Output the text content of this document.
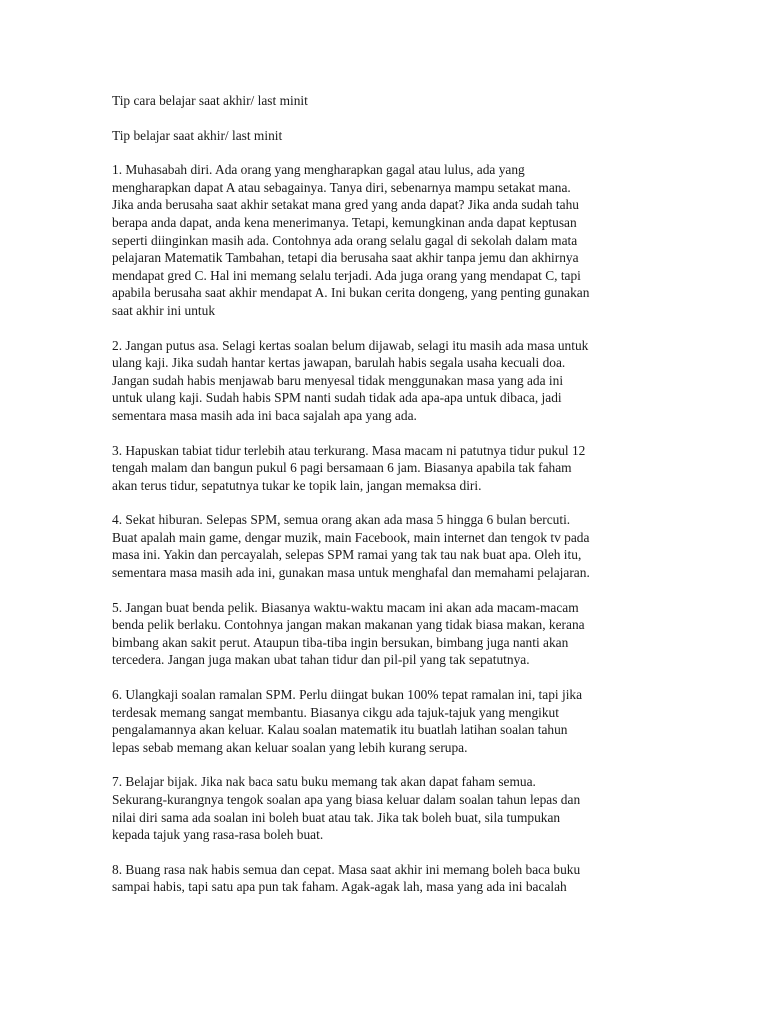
Tip cara belajar saat akhir/ last minit

Tip belajar saat akhir/ last minit

1. Muhasabah diri. Ada orang yang mengharapkan gagal atau lulus, ada yang
mengharapkan dapat A atau sebagainya. Tanya diri, sebenarnya mampu setakat mana.
Jika anda berusaha saat akhir setakat mana gred yang anda dapat? Jika anda sudah tahu
berapa anda dapat, anda kena menerimanya. Tetapi, kemungkinan anda dapat keptusan
seperti diinginkan masih ada. Contohnya ada orang selalu gagal di sekolah dalam mata
pelajaran Matematik Tambahan, tetapi dia berusaha saat akhir tanpa jemu dan akhirnya
mendapat gred C. Hal ini memang selalu terjadi. Ada juga orang yang mendapat C, tapi
apabila berusaha saat akhir mendapat A. Ini bukan cerita dongeng, yang penting gunakan
saat akhir ini untuk

2. Jangan putus asa. Selagi kertas soalan belum dijawab, selagi itu masih ada masa untuk
ulang kaji. Jika sudah hantar kertas jawapan, barulah habis segala usaha kecuali doa.
Jangan sudah habis menjawab baru menyesal tidak menggunakan masa yang ada ini
untuk ulang kaji. Sudah habis SPM nanti sudah tidak ada apa-apa untuk dibaca, jadi
sementara masa masih ada ini baca sajalah apa yang ada.

3. Hapuskan tabiat tidur terlebih atau terkurang. Masa macam ni patutnya tidur pukul 12
tengah malam dan bangun pukul 6 pagi bersamaan 6 jam. Biasanya apabila tak faham
akan terus tidur, sepatutnya tukar ke topik lain, jangan memaksa diri.

4. Sekat hiburan. Selepas SPM, semua orang akan ada masa 5 hingga 6 bulan bercuti.
Buat apalah main game, dengar muzik, main Facebook, main internet dan tengok tv pada
masa ini. Yakin dan percayalah, selepas SPM ramai yang tak tau nak buat apa. Oleh itu,
sementara masa masih ada ini, gunakan masa untuk menghafal dan memahami pelajaran.

5. Jangan buat benda pelik. Biasanya waktu-waktu macam ini akan ada macam-macam
benda pelik berlaku. Contohnya jangan makan makanan yang tidak biasa makan, kerana
bimbang akan sakit perut. Ataupun tiba-tiba ingin bersukan, bimbang juga nanti akan
tercedera. Jangan juga makan ubat tahan tidur dan pil-pil yang tak sepatutnya.

6. Ulangkaji soalan ramalan SPM. Perlu diingat bukan 100% tepat ramalan ini, tapi jika
terdesak memang sangat membantu. Biasanya cikgu ada tajuk-tajuk yang mengikut
pengalamannya akan keluar. Kalau soalan matematik itu buatlah latihan soalan tahun
lepas sebab memang akan keluar soalan yang lebih kurang serupa.

7. Belajar bijak. Jika nak baca satu buku memang tak akan dapat faham semua.
Sekurang-kurangnya tengok soalan apa yang biasa keluar dalam soalan tahun lepas dan
nilai diri sama ada soalan ini boleh buat atau tak. Jika tak boleh buat, sila tumpukan
kepada tajuk yang rasa-rasa boleh buat.

8. Buang rasa nak habis semua dan cepat. Masa saat akhir ini memang boleh baca buku
sampai habis, tapi satu apa pun tak faham. Agak-agak lah, masa yang ada ini bacalah
